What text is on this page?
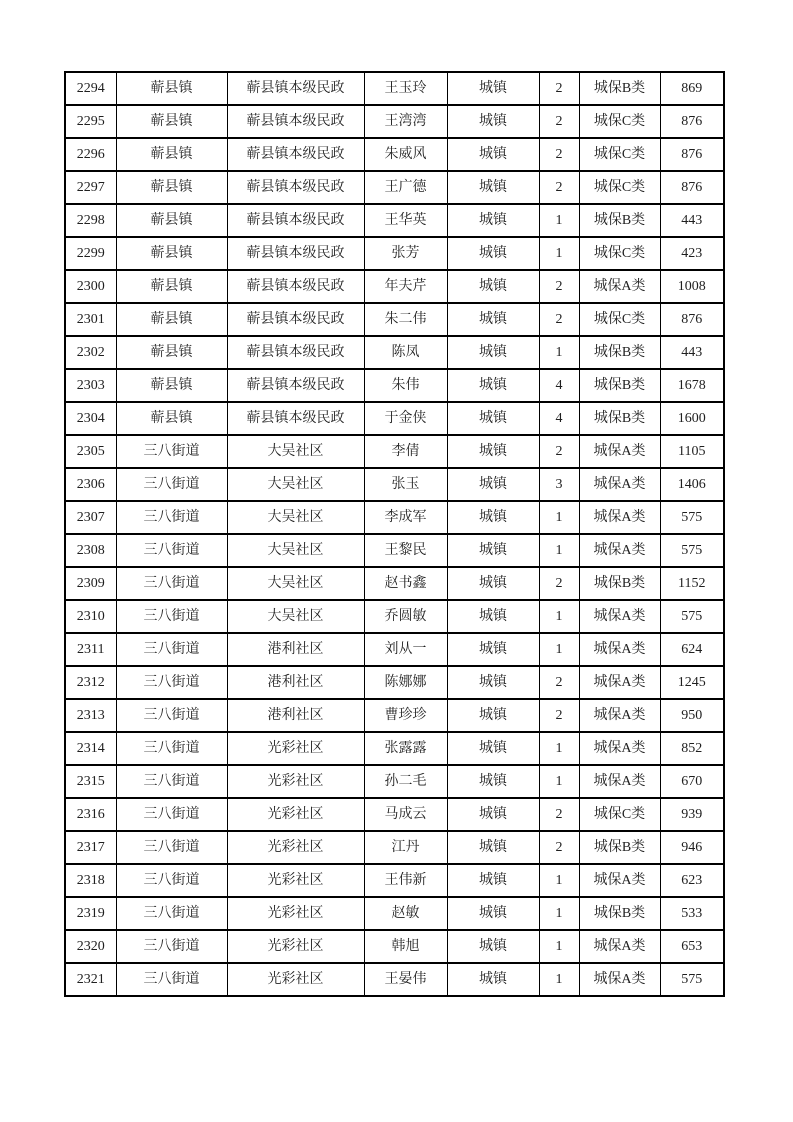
2294	蕲县镇	蕲县镇本级民政	王玉玲	城镇	2	城保B类	869
2295	蕲县镇	蕲县镇本级民政	王湾湾	城镇	2	城保C类	876
2296	蕲县镇	蕲县镇本级民政	朱威风	城镇	2	城保C类	876
2297	蕲县镇	蕲县镇本级民政	王广德	城镇	2	城保C类	876
2298	蕲县镇	蕲县镇本级民政	王华英	城镇	1	城保B类	443
2299	蕲县镇	蕲县镇本级民政	张芳	城镇	1	城保C类	423
2300	蕲县镇	蕲县镇本级民政	年夫芹	城镇	2	城保A类	1008
2301	蕲县镇	蕲县镇本级民政	朱二伟	城镇	2	城保C类	876
2302	蕲县镇	蕲县镇本级民政	陈凤	城镇	1	城保B类	443
2303	蕲县镇	蕲县镇本级民政	朱伟	城镇	4	城保B类	1678
2304	蕲县镇	蕲县镇本级民政	于金侠	城镇	4	城保B类	1600
2305	三八街道	大吴社区	李倩	城镇	2	城保A类	1105
2306	三八街道	大吴社区	张玉	城镇	3	城保A类	1406
2307	三八街道	大吴社区	李成军	城镇	1	城保A类	575
2308	三八街道	大吴社区	王黎民	城镇	1	城保A类	575
2309	三八街道	大吴社区	赵书鑫	城镇	2	城保B类	1152
2310	三八街道	大吴社区	乔圆敏	城镇	1	城保A类	575
2311	三八街道	港利社区	刘从一	城镇	1	城保A类	624
2312	三八街道	港利社区	陈娜娜	城镇	2	城保A类	1245
2313	三八街道	港利社区	曹珍珍	城镇	2	城保A类	950
2314	三八街道	光彩社区	张露露	城镇	1	城保A类	852
2315	三八街道	光彩社区	孙二毛	城镇	1	城保A类	670
2316	三八街道	光彩社区	马成云	城镇	2	城保C类	939
2317	三八街道	光彩社区	江丹	城镇	2	城保B类	946
2318	三八街道	光彩社区	王伟新	城镇	1	城保A类	623
2319	三八街道	光彩社区	赵敏	城镇	1	城保B类	533
2320	三八街道	光彩社区	韩旭	城镇	1	城保A类	653
2321	三八街道	光彩社区	王晏伟	城镇	1	城保A类	575
